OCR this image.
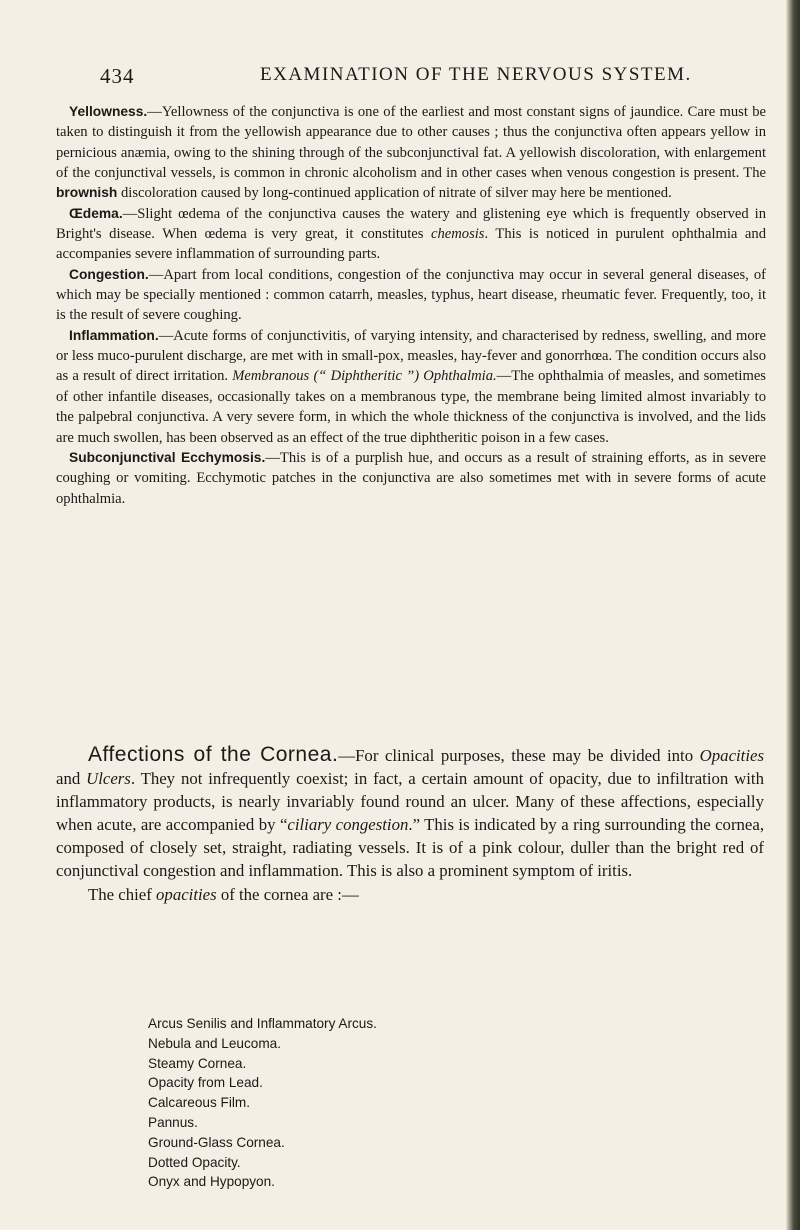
434	EXAMINATION OF THE NERVOUS SYSTEM.

Yellowness.—Yellowness of the conjunctiva is one of the earliest and most constant signs of jaundice. Care must be taken to distinguish it from the yellowish appearance due to other causes ; thus the conjunctiva often appears yellow in pernicious anæmia, owing to the shining through of the subconjunctival fat. A yellowish discoloration, with enlargement of the conjunctival vessels, is common in chronic alcoholism and in other cases when venous congestion is present. The brownish discoloration caused by long-continued application of nitrate of silver may here be mentioned.

Œdema.—Slight œdema of the conjunctiva causes the watery and glistening eye which is frequently observed in Bright's disease. When œdema is very great, it constitutes chemosis. This is noticed in purulent ophthalmia and accompanies severe inflammation of surrounding parts.

Congestion.—Apart from local conditions, congestion of the conjunctiva may occur in several general diseases, of which may be specially mentioned : common catarrh, measles, typhus, heart disease, rheumatic fever. Frequently, too, it is the result of severe coughing.

Inflammation.—Acute forms of conjunctivitis, of varying intensity, and characterised by redness, swelling, and more or less muco-purulent discharge, are met with in small-pox, measles, hay-fever and gonorrhœa. The condition occurs also as a result of direct irritation. Membranous (“ Diphtheritic ”) Ophthalmia.—The ophthalmia of measles, and sometimes of other infantile diseases, occasionally takes on a membranous type, the membrane being limited almost invariably to the palpebral conjunctiva. A very severe form, in which the whole thickness of the conjunctiva is involved, and the lids are much swollen, has been observed as an effect of the true diphtheritic poison in a few cases.

Subconjunctival Ecchymosis.—This is of a purplish hue, and occurs as a result of straining efforts, as in severe coughing or vomiting. Ecchymotic patches in the conjunctiva are also sometimes met with in severe forms of acute ophthalmia.

Affections of the Cornea.—For clinical purposes, these may be divided into Opacities and Ulcers. They not infrequently coexist; in fact, a certain amount of opacity, due to infiltration with inflammatory products, is nearly invariably found round an ulcer. Many of these affections, especially when acute, are accompanied by “ciliary congestion.” This is indicated by a ring surrounding the cornea, composed of closely set, straight, radiating vessels. It is of a pink colour, duller than the bright red of conjunctival congestion and inflammation. This is also a prominent symptom of iritis.

The chief opacities of the cornea are :—

Arcus Senilis and Inflammatory Arcus.
Nebula and Leucoma.
Steamy Cornea.
Opacity from Lead.
Calcareous Film.
Pannus.
Ground-Glass Cornea.
Dotted Opacity.
Onyx and Hypopyon.
